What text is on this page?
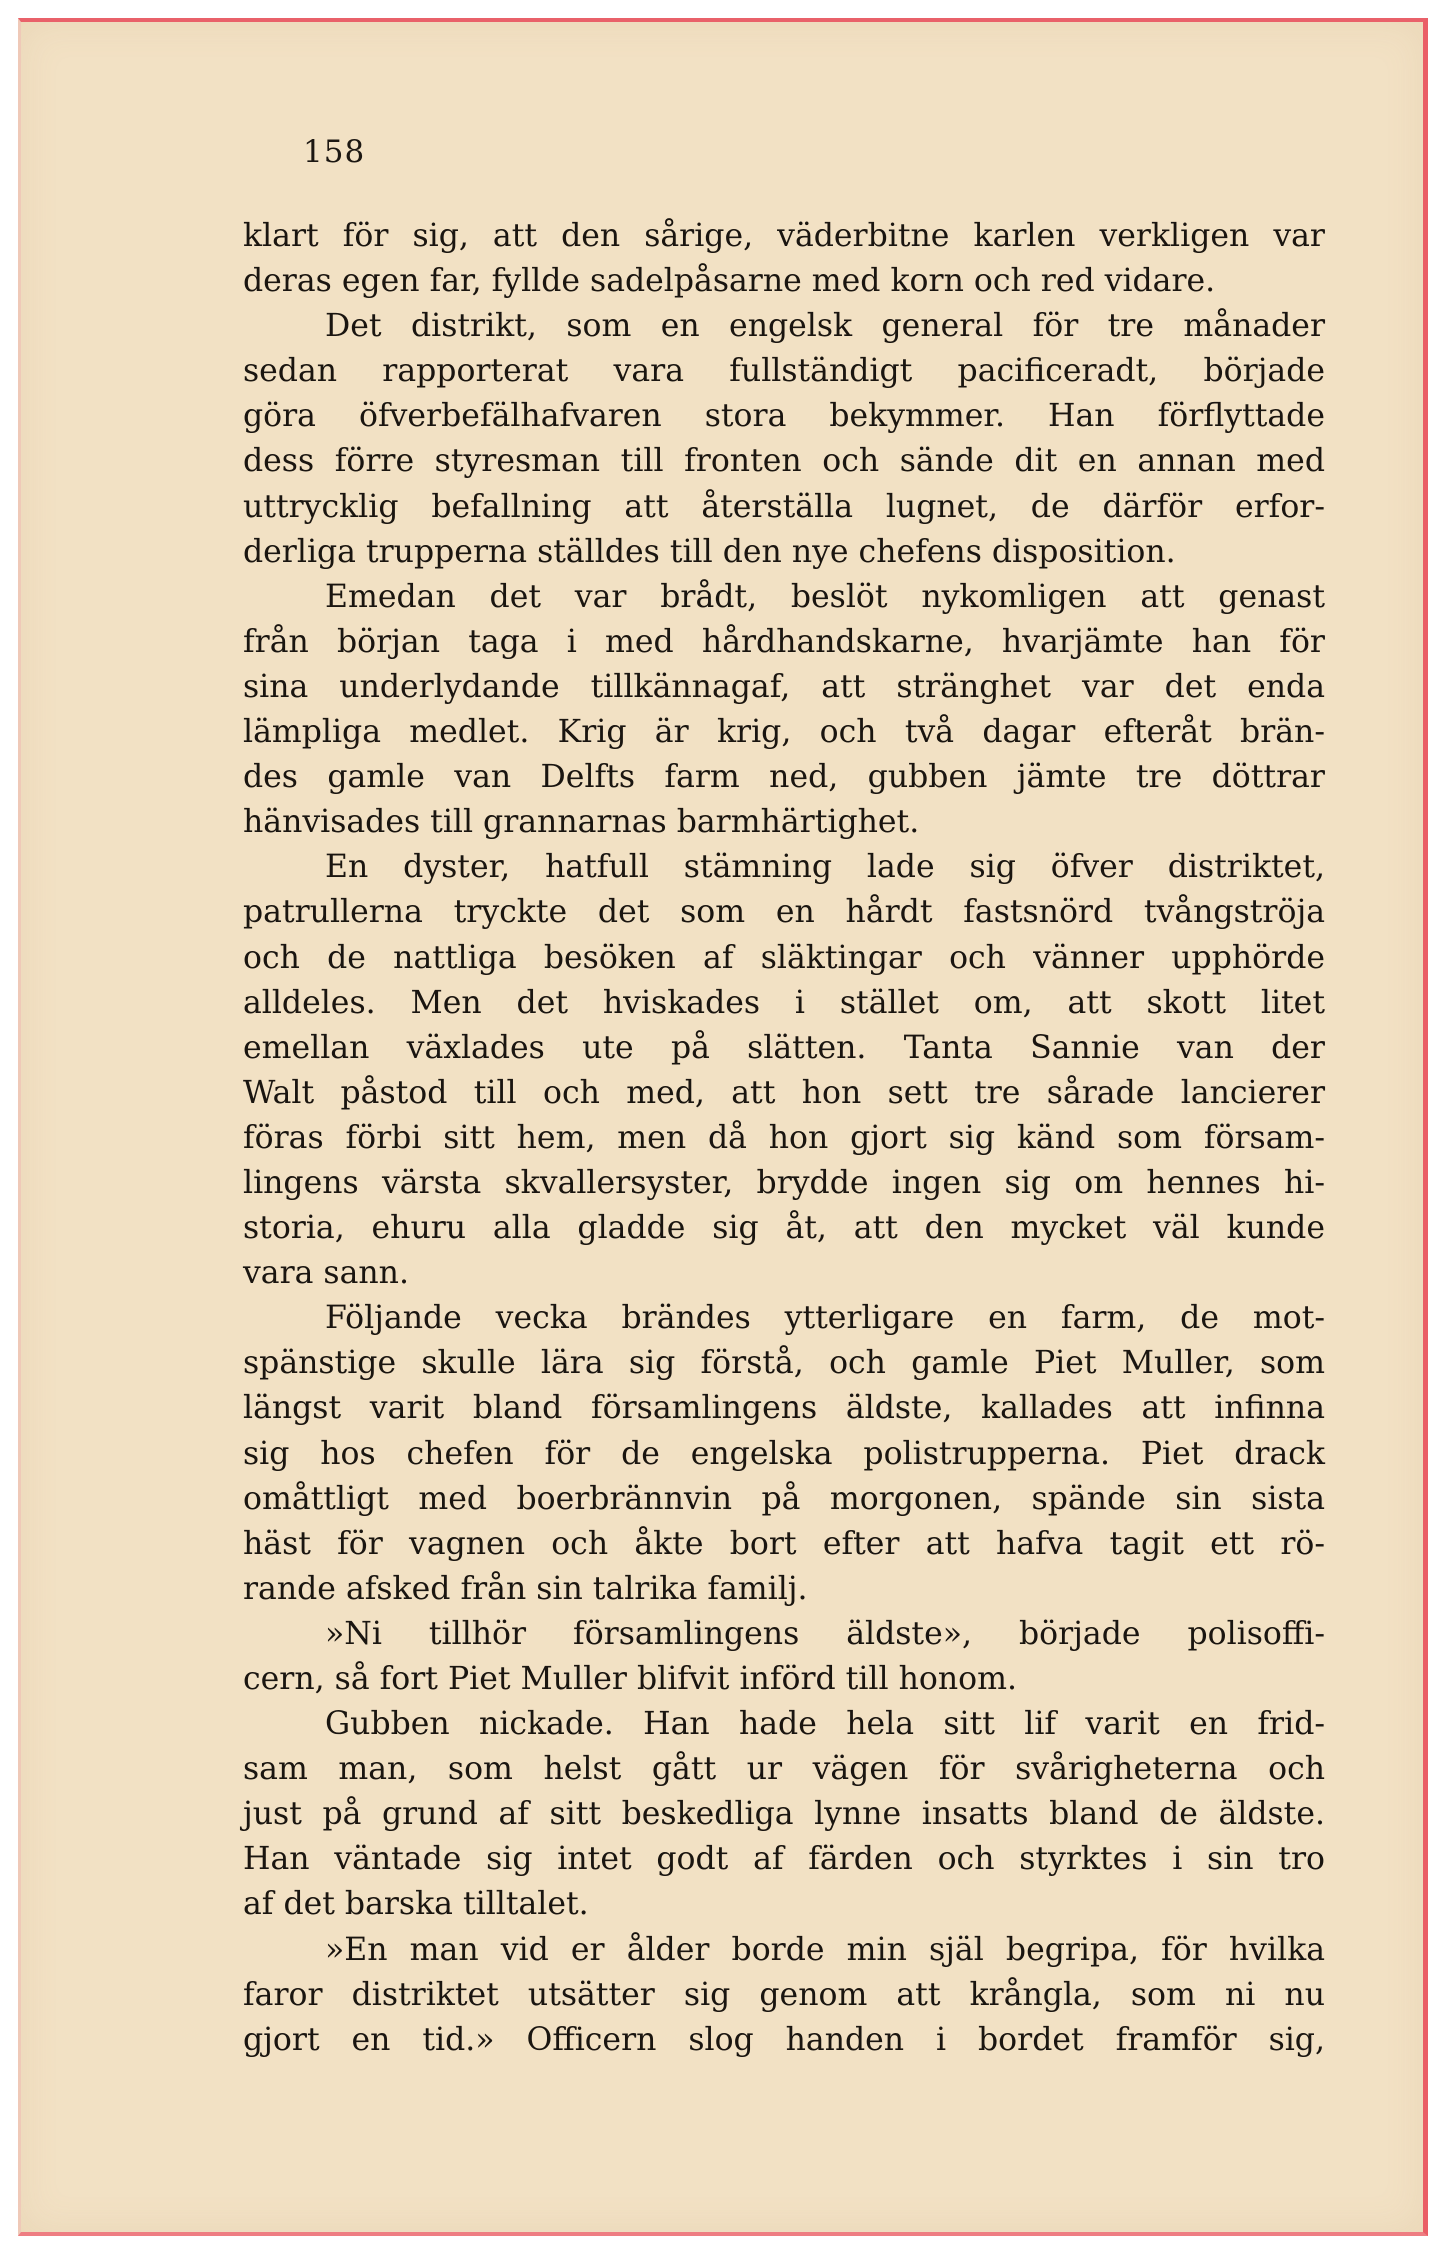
158
klart för sig, att den sårige, väderbitne karlen verkligen var
deras egen far, fyllde sadelpåsarne med korn och red vidare.
Det distrikt, som en engelsk general för tre månader
sedan rapporterat vara fullständigt pacificeradt, började
göra öfverbefälhafvaren stora bekymmer. Han förflyttade
dess förre styresman till fronten och sände dit en annan med
uttrycklig befallning att återställa lugnet, de därför erfor-
derliga trupperna ställdes till den nye chefens disposition.
Emedan det var brådt, beslöt nykomligen att genast
från början taga i med hårdhandskarne, hvarjämte han för
sina underlydande tillkännagaf, att stränghet var det enda
lämpliga medlet. Krig är krig, och två dagar efteråt brän-
des gamle van Delfts farm ned, gubben jämte tre döttrar
hänvisades till grannarnas barmhärtighet.
En dyster, hatfull stämning lade sig öfver distriktet,
patrullerna tryckte det som en hårdt fastsnörd tvångströja
och de nattliga besöken af släktingar och vänner upphörde
alldeles. Men det hviskades i stället om, att skott litet
emellan växlades ute på slätten. Tanta Sannie van der
Walt påstod till och med, att hon sett tre sårade lancierer
föras förbi sitt hem, men då hon gjort sig känd som försam-
lingens värsta skvallersyster, brydde ingen sig om hennes hi-
storia, ehuru alla gladde sig åt, att den mycket väl kunde
vara sann.
Följande vecka brändes ytterligare en farm, de mot-
spänstige skulle lära sig förstå, och gamle Piet Muller, som
längst varit bland församlingens äldste, kallades att infinna
sig hos chefen för de engelska polistrupperna. Piet drack
omåttligt med boerbrännvin på morgonen, spände sin sista
häst för vagnen och åkte bort efter att hafva tagit ett rö-
rande afsked från sin talrika familj.
»Ni tillhör församlingens äldste», började polisoffi-
cern, så fort Piet Muller blifvit införd till honom.
Gubben nickade. Han hade hela sitt lif varit en frid-
sam man, som helst gått ur vägen för svårigheterna och
just på grund af sitt beskedliga lynne insatts bland de äldste.
Han väntade sig intet godt af färden och styrktes i sin tro
af det barska tilltalet.
»En man vid er ålder borde min själ begripa, för hvilka
faror distriktet utsätter sig genom att krångla, som ni nu
gjort en tid.» Officern slog handen i bordet framför sig,
